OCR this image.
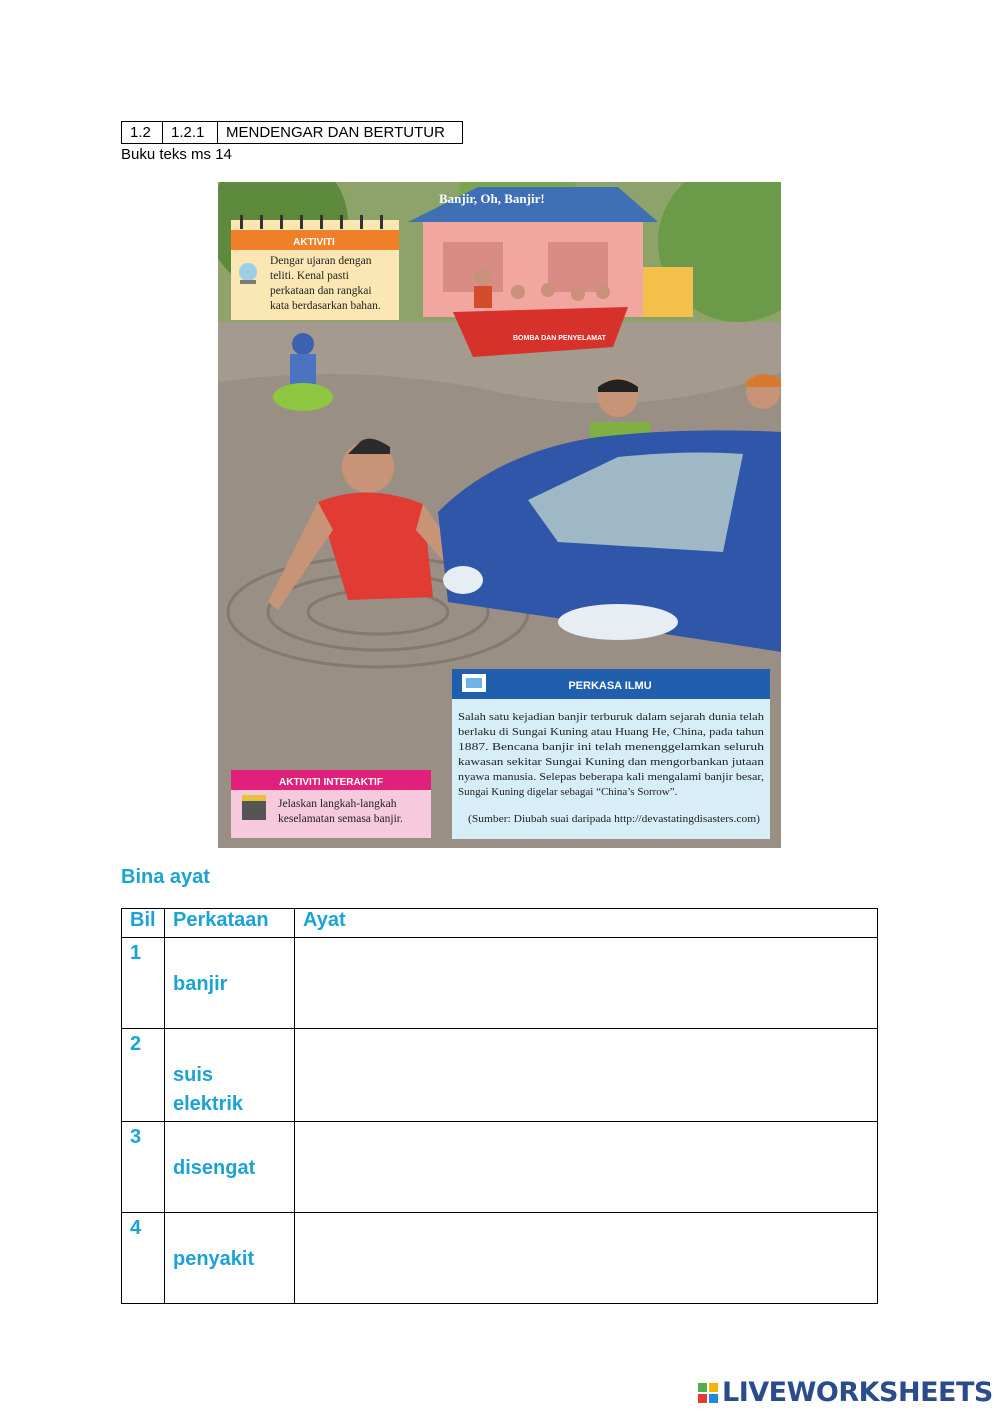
1.2	1.2.1	MENDENGAR DAN BERTUTUR
Buku teks ms 14
BOMBA DAN PENYELAMAT
Banjir, Oh, Banjir!
AKTIVITI
Dengar ujaran dengan
teliti. Kenal pasti
perkataan dan rangkai
kata berdasarkan bahan.
AKTIVITI INTERAKTIF
Jelaskan langkah-langkah
keselamatan semasa banjir.
PERKASA ILMU
Salah satu kejadian banjir terburuk dalam sejarah dunia telah
berlaku di Sungai Kuning atau Huang He, China, pada tahun
1887. Bencana banjir ini telah menenggelamkan seluruh
kawasan sekitar Sungai Kuning dan mengorbankan jutaan
nyawa manusia. Selepas beberapa kali mengalami banjir besar,
Sungai Kuning digelar sebagai “China’s Sorrow”.
(Sumber: Diubah suai daripada http://devastatingdisasters.com)
Bina ayat
Bil	Perkataan	Ayat

1	banjir	

2	suis elektrik	

3	disengat	

4	penyakit	

LIVEWORKSHEETS
